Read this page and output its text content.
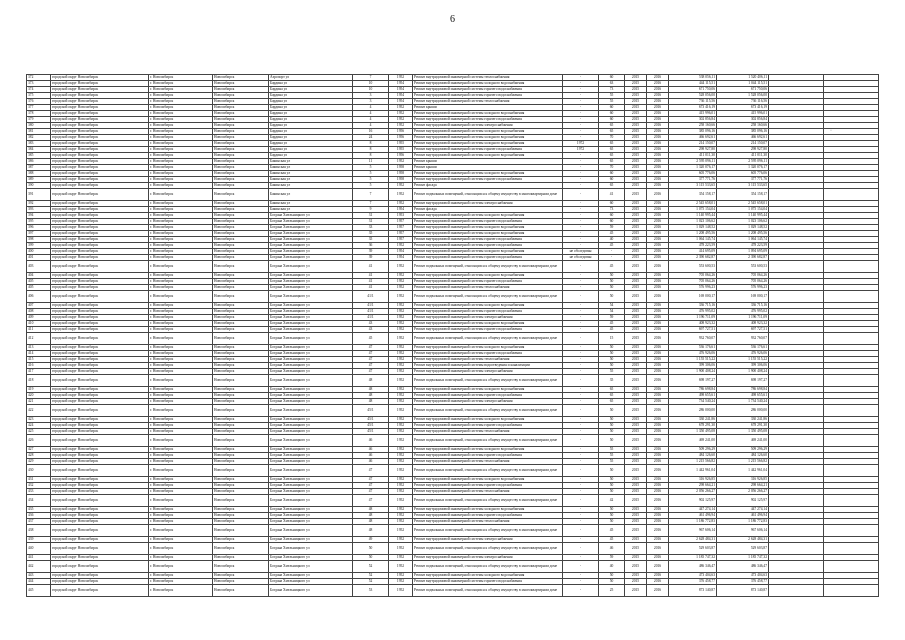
6
372	городской округ Новосибирск	г. Новосибирск	Новосибирск	Аэропорт ул	7	1952	Ремонт внутридомовой инженерной системы теплоснабжения	-	60	2015	2016	538 056,11	1 520 406,11		
373	городской округ Новосибирск	г. Новосибирск	Новосибирск	Бардина ул	10	1954	Ремонт внутридомовой инженерной системы холодного водоснабжения	-	63	2015	2016	444 115,51	1 044 115,51		
374	городской округ Новосибирск	г. Новосибирск	Новосибирск	Бардина ул	10	1954	Ремонт внутридомовой инженерной системы горячего водоснабжения	-	73	2015	2016	671 750,06	671 750,06		
375	городской округ Новосибирск	г. Новосибирск	Новосибирск	Бардина ул	3	1954	Ремонт внутридомовой инженерной системы горячего водоснабжения	-	55	2015	2016	528 056,00	1 528 056,00		
376	городской округ Новосибирск	г. Новосибирск	Новосибирск	Бардина ул	3	1954	Ремонт внутридомовой инженерной системы теплоснабжения	-	55	2015	2016	736 115,56	736 116,56		
377	городской округ Новосибирск	г. Новосибирск	Новосибирск	Бардина ул	4	1952	Ремонт крыши	-	60	2015	2016	673 416,19	673 416,19		
378	городской округ Новосибирск	г. Новосибирск	Новосибирск	Бардина ул	4	1952	Ремонт внутридомовой инженерной системы холодного водоснабжения	-	60	2015	2016	415 996,01	415 996,01		
379	городской округ Новосибирск	г. Новосибирск	Новосибирск	Бардина ул	4	1952	Ремонт внутридомовой инженерной системы горячего водоснабжения	-	60	2015	2016	302 856,84	302 856,84		
380	городской округ Новосибирск	г. Новосибирск	Новосибирск	Бардина ул	4	1952	Ремонт внутридомовой инженерной системы электроснабжения	-	65	2015	2016	258 160,66	258 160,66		
381	городской округ Новосибирск	г. Новосибирск	Новосибирск	Бардина ул	16	1956	Ремонт внутридомовой инженерной системы холодного водоснабжения	-	65	2015	2016	385 096,16	385 096,16		
382	городской округ Новосибирск	г. Новосибирск	Новосибирск	Бардина ул	24	1956	Ремонт внутридомовой инженерной системы холодного водоснабжения	-	70	2015	2016	466 692,61	466 692,61		
383	городской округ Новосибирск	г. Новосибирск	Новосибирск	Бардина ул	8	1955	Ремонт внутридомовой инженерной системы холодного водоснабжения	1972	65	2015	2016	214 150,07	214 150,07		
384	городской округ Новосибирск	г. Новосибирск	Новосибирск	Бардина ул	8	1955	Ремонт внутридомовой инженерной системы горячего водоснабжения	1972	65	2015	2016	298 927,80	298 927,80		
385	городской округ Новосибирск	г. Новосибирск	Новосибирск	Бардина ул	8	1956	Ремонт внутридомовой инженерной системы холодного водоснабжения	-	65	2015	2016	411 011,30	411 011,30		
386	городской округ Новосибирск	г. Новосибирск	Новосибирск	Бакинская ул	11	1952	Ремонт крыши	-	65	2015	2016	2 595 096,11	2 595 096,11		
387	городской округ Новосибирск	г. Новосибирск	Новосибирск	Бакинская ул	5	1958	Ремонт крыши	-	70	2015	2016	1 320 076,17	1 320 076,17		
388	городской округ Новосибирск	г. Новосибирск	Новосибирск	Бакинская ул	5	1958	Ремонт внутридомовой инженерной системы холодного водоснабжения	-	60	2015	2016	605 776,06	605 776,06		
389	городской округ Новосибирск	г. Новосибирск	Новосибирск	Бакинская ул	5	1958	Ремонт внутридомовой инженерной системы горячего водоснабжения	-	60	2015	2016	377 771,76	377 771,76		
390	городской округ Новосибирск	г. Новосибирск	Новосибирск	Бакинская ул	5	1952	Ремонт фасада	-	65	2015	2016	3 115 533,65	3 115 533,65		
391	городской округ Новосибирск	г. Новосибирск	Новосибирск	Бакинская ул	7	1952	Ремонт подвальных помещений, относящихся к общему имуществу в многоквартирном доме	-	41	2015	2016	354 158,17	354 158,17		
392	городской округ Новосибирск	г. Новосибирск	Новосибирск	Бакинская ул	7	1952	Ремонт внутридомовой инженерной системы электроснабжения	-	60	2015	2016	2 545 658,01	2 545 658,01		
393	городской округ Новосибирск	г. Новосибирск	Новосибирск	Бакинская ул	9	1954	Ремонт фасада	-	73	2015	2016	1 075 154,04	1 075 154,04		
394	городской округ Новосибирск	г. Новосибирск	Новосибирск	Богдана Хмельницкого ул	31	1953	Ремонт внутридомовой инженерной системы холодного водоснабжения	-	60	2015	2016	1 140 995,44	1 140 995,44		
395	городской округ Новосибирск	г. Новосибирск	Новосибирск	Богдана Хмельницкого ул	31	1957	Ремонт внутридомовой инженерной системы горячего водоснабжения	-	60	2015	2016	1 023 106,62	1 023 106,62		
396	городской округ Новосибирск	г. Новосибирск	Новосибирск	Богдана Хмельницкого ул	33	1957	Ремонт внутридомовой инженерной системы холодного водоснабжения	-	59	2015	2016	1 029 148,52	1 029 148,52		
397	городской округ Новосибирск	г. Новосибирск	Новосибирск	Богдана Хмельницкого ул	35	1957	Ремонт внутридомовой инженерной системы холодного водоснабжения	-	45	2015	2016	1 208 495,56	1 208 495,56		
398	городской округ Новосибирск	г. Новосибирск	Новосибирск	Богдана Хмельницкого ул	35	1957	Ремонт внутридомовой инженерной системы горячего водоснабжения	-	40	2015	2016	1 064 145,74	1 064 145,74		
399	городской округ Новосибирск	г. Новосибирск	Новосибирск	Богдана Хмельницкого ул	36	1952	Ремонт внутридомовой инженерной системы горячего водоснабжения	-	45	2015	2016	478 223,59	478 223,59		
400	городской округ Новосибирск	г. Новосибирск	Новосибирск	Богдана Хмельницкого ул	39	1954	Ремонт внутридомовой инженерной системы холодного водоснабжения	не обследован	-	2015	2016	414 695,09	1 094 695,09		
401	городской округ Новосибирск	г. Новосибирск	Новосибирск	Богдана Хмельницкого ул	39	1954	Ремонт внутридомовой инженерной системы горячего водоснабжения	не обследован	-	2015	2016	2 390 682,87	2 390 682,87		
403	городской округ Новосибирск	г. Новосибирск	Новосибирск	Богдана Хмельницкого ул	41	1952	Ремонт подвальных помещений, относящихся к общему имуществу в многоквартирном доме	-	45	2015	2016	553 600,53	553 600,53		
404	городской округ Новосибирск	г. Новосибирск	Новосибирск	Богдана Хмельницкого ул	41	1952	Ремонт внутридомовой инженерной системы холодного водоснабжения	-	50	2015	2016	705 064,26	705 064,26		
405	городской округ Новосибирск	г. Новосибирск	Новосибирск	Богдана Хмельницкого ул	41	1952	Ремонт внутридомовой инженерной системы горячего водоснабжения	-	50	2015	2016	705 064,26	705 064,26		
405	городской округ Новосибирск	г. Новосибирск	Новосибирск	Богдана Хмельницкого ул	41	1952	Ремонт внутридомовой инженерной системы теплоснабжения	-	50	2015	2016	576 996,23	576 996,23		
406	городской округ Новосибирск	г. Новосибирск	Новосибирск	Богдана Хмельницкого ул	41/1	1952	Ремонт подвальных помещений, относящихся к общему имуществу в многоквартирном доме	-	50	2015	2016	169 000,17	169 000,17		
407	городской округ Новосибирск	г. Новосибирск	Новосибирск	Богдана Хмельницкого ул	41/1	1952	Ремонт внутридомовой инженерной системы холодного водоснабжения	-	54	2015	2016	336 715,16	336 715,16		
408	городской округ Новосибирск	г. Новосибирск	Новосибирск	Богдана Хмельницкого ул	41/1	1952	Ремонт внутридомовой инженерной системы горячего водоснабжения	-	54	2015	2016	476 995,02	476 995,02		
409	городской округ Новосибирск	г. Новосибирск	Новосибирск	Богдана Хмельницкого ул	41/1	1952	Ремонт внутридомовой инженерной системы электроснабжения	-	59	2015	2016	1 196 711,09	1 196 711,09		
410	городской округ Новосибирск	г. Новосибирск	Новосибирск	Богдана Хмельницкого ул	43	1952	Ремонт внутридомовой инженерной системы холодного водоснабжения	-	45	2015	2016	408 923,32	408 923,32		
411	городской округ Новосибирск	г. Новосибирск	Новосибирск	Богдана Хмельницкого ул	43	1952	Ремонт внутридомовой инженерной системы горячего водоснабжения	-	45	2015	2016	697 727,51	697 727,51		
412	городской округ Новосибирск	г. Новосибирск	Новосибирск	Богдана Хмельницкого ул	45	1952	Ремонт подвальных помещений, относящихся к общему имуществу в многоквартирном доме	-	15	2015	2016	932 760,07	932 760,07		
413	городской округ Новосибирск	г. Новосибирск	Новосибирск	Богдана Хмельницкого ул	47	1952	Ремонт внутридомовой инженерной системы холодного водоснабжения	-	50	2015	2016	536 176,61	536 176,61		
414	городской округ Новосибирск	г. Новосибирск	Новосибирск	Богдана Хмельницкого ул	47	1952	Ремонт внутридомовой инженерной системы горячего водоснабжения	-	50	2015	2016	476 926,06	476 926,06		
415	городской округ Новосибирск	г. Новосибирск	Новосибирск	Богдана Хмельницкого ул	47	1952	Ремонт внутридомовой инженерной системы теплоснабжения	-	50	2015	2016	1 155 515,22	1 155 515,22		
416	городской округ Новосибирск	г. Новосибирск	Новосибирск	Богдана Хмельницкого ул	47	1952	Ремонт внутридомовой инженерной системы водоотведения и канализации	-	50	2015	2016	399 306,06	399 306,06		
417	городской округ Новосибирск	г. Новосибирск	Новосибирск	Богдана Хмельницкого ул	47	1952	Ремонт внутридомовой инженерной системы электроснабжения	-	55	2015	2016	1 900 408,24	1 900 408,24		
418	городской округ Новосибирск	г. Новосибирск	Новосибирск	Богдана Хмельницкого ул	48	1952	Ремонт подвальных помещений, относящихся к общему имуществу в многоквартирном доме	-	35	2015	2016	698 197,27	698 197,27		
419	городской округ Новосибирск	г. Новосибирск	Новосибирск	Богдана Хмельницкого ул	48	1952	Ремонт внутридомовой инженерной системы холодного водоснабжения	-	65	2015	2016	786 698,84	786 698,84		
420	городской округ Новосибирск	г. Новосибирск	Новосибирск	Богдана Хмельницкого ул	48	1952	Ремонт внутридомовой инженерной системы горячего водоснабжения	-	65	2015	2016	498 655,61	498 655,61		
421	городской округ Новосибирск	г. Новосибирск	Новосибирск	Богдана Хмельницкого ул	48	1952	Ремонт внутридомовой инженерной системы электроснабжения	-	65	2015	2016	734 540,24	1 734 540,24		
422	городской округ Новосибирск	г. Новосибирск	Новосибирск	Богдана Хмельницкого ул	45/1	1952	Ремонт подвальных помещений, относящихся к общему имуществу в многоквартирном доме	-	50	2015	2016	286 000,00	286 000,00		
423	городской округ Новосибирск	г. Новосибирск	Новосибирск	Богдана Хмельницкого ул	45/1	1952	Ремонт внутридомовой инженерной системы холодного водоснабжения	-	50	2015	2016	330 241,86	330 241,86		
424	городской округ Новосибирск	г. Новосибирск	Новосибирск	Богдана Хмельницкого ул	45/1	1952	Ремонт внутридомовой инженерной системы горячего водоснабжения	-	50	2015	2016	678 291,30	678 291,30		
425	городской округ Новосибирск	г. Новосибирск	Новосибирск	Богдана Хмельницкого ул	45/1	1952	Ремонт внутридомовой инженерной системы теплоснабжения	-	50	2015	2016	1 350 495,08	1 350 495,08		
426	городской округ Новосибирск	г. Новосибирск	Новосибирск	Богдана Хмельницкого ул	46	1952	Ремонт подвальных помещений, относящихся к общему имуществу в многоквартирном доме	-	50	2015	2016	469 241,00	469 241,00		
427	городской округ Новосибирск	г. Новосибирск	Новосибирск	Богдана Хмельницкого ул	46	1952	Ремонт внутридомовой инженерной системы холодного водоснабжения	-	55	2015	2016	509 296,29	509 296,29		
428	городской округ Новосибирск	г. Новосибирск	Новосибирск	Богдана Хмельницкого ул	46	1952	Ремонт внутридомовой инженерной системы горячего водоснабжения	-	55	2015	2016	484 126,60	484 126,60		
429	городской округ Новосибирск	г. Новосибирск	Новосибирск	Богдана Хмельницкого ул	46	1952	Ремонт внутридомовой инженерной системы теплоснабжения	-	55	2015	2016	1 215 566,82	1 215 566,82		
430	городской округ Новосибирск	г. Новосибирск	Новосибирск	Богдана Хмельницкого ул	47	1952	Ремонт подвальных помещений, относящихся к общему имуществу в многоквартирном доме	-	50	2015	2016	1 442 961,04	1 442 961,04		
431	городской округ Новосибирск	г. Новосибирск	Новосибирск	Богдана Хмельницкого ул	47	1952	Ремонт внутридомовой инженерной системы холодного водоснабжения	-	50	2015	2016	316 926,85	316 926,85		
432	городской округ Новосибирск	г. Новосибирск	Новосибирск	Богдана Хмельницкого ул	47	1952	Ремонт внутридомовой инженерной системы горячего водоснабжения	-	50	2015	2016	298 664,21	298 664,21		
433	городской округ Новосибирск	г. Новосибирск	Новосибирск	Богдана Хмельницкого ул	47	1952	Ремонт внутридомовой инженерной системы теплоснабжения	-	50	2015	2016	2 056 266,27	2 056 266,27		
434	городской округ Новосибирск	г. Новосибирск	Новосибирск	Богдана Хмельницкого ул	47	1952	Ремонт подвальных помещений, относящихся к общему имуществу в многоквартирном доме	-	42	2015	2016	902 125,97	902 125,97		
435	городской округ Новосибирск	г. Новосибирск	Новосибирск	Богдана Хмельницкого ул	48	1952	Ремонт внутридомовой инженерной системы холодного водоснабжения	-	50	2015	2016	447 274,14	447 274,14		
436	городской округ Новосибирск	г. Новосибирск	Новосибирск	Богдана Хмельницкого ул	48	1952	Ремонт внутридомовой инженерной системы горячего водоснабжения	-	50	2015	2016	461 496,94	461 496,94		
437	городской округ Новосибирск	г. Новосибирск	Новосибирск	Богдана Хмельницкого ул	48	1952	Ремонт внутридомовой инженерной системы теплоснабжения	-	50	2015	2016	1 186 772,83	1 186 772,83		
438	городской округ Новосибирск	г. Новосибирск	Новосибирск	Богдана Хмельницкого ул	48	1952	Ремонт подвальных помещений, относящихся к общему имуществу в многоквартирном доме	-	45	2015	2016	967 606,14	967 606,14		
439	городской округ Новосибирск	г. Новосибирск	Новосибирск	Богдана Хмельницкого ул	49	1952	Ремонт внутридомовой инженерной системы электроснабжения	-	45	2015	2016	2 628 484,31	2 628 484,31		
440	городской округ Новосибирск	г. Новосибирск	Новосибирск	Богдана Хмельницкого ул	50	1952	Ремонт подвальных помещений, относящихся к общему имуществу в многоквартирном доме	-	46	2015	2016	529 603,87	529 603,87		
441	городской округ Новосибирск	г. Новосибирск	Новосибирск	Богдана Хмельницкого ул	50	1952	Ремонт внутридомовой инженерной системы электроснабжения	-	59	2015	2016	1 185 747,32	1 185 747,32		
442	городской округ Новосибирск	г. Новосибирск	Новосибирск	Богдана Хмельницкого ул	52	1952	Ремонт подвальных помещений, относящихся к общему имуществу в многоквартирном доме	-	40	2015	2016	486 346,47	486 346,47		
443	городской округ Новосибирск	г. Новосибирск	Новосибирск	Богдана Хмельницкого ул	52	1952	Ремонт внутридомовой инженерной системы холодного водоснабжения	-	50	2015	2016	473 404,63	473 404,63		
444	городской округ Новосибирск	г. Новосибирск	Новосибирск	Богдана Хмельницкого ул	52	1952	Ремонт внутридомовой инженерной системы горячего водоснабжения	-	50	2015	2016	376 458,77	376 458,77		
445	городской округ Новосибирск	г. Новосибирск	Новосибирск	Богдана Хмельницкого ул	53	1952	Ремонт подвальных помещений, относящихся к общему имуществу в многоквартирном доме	-	25	2015	2016	873 140,87	873 140,87		
·
·
·
